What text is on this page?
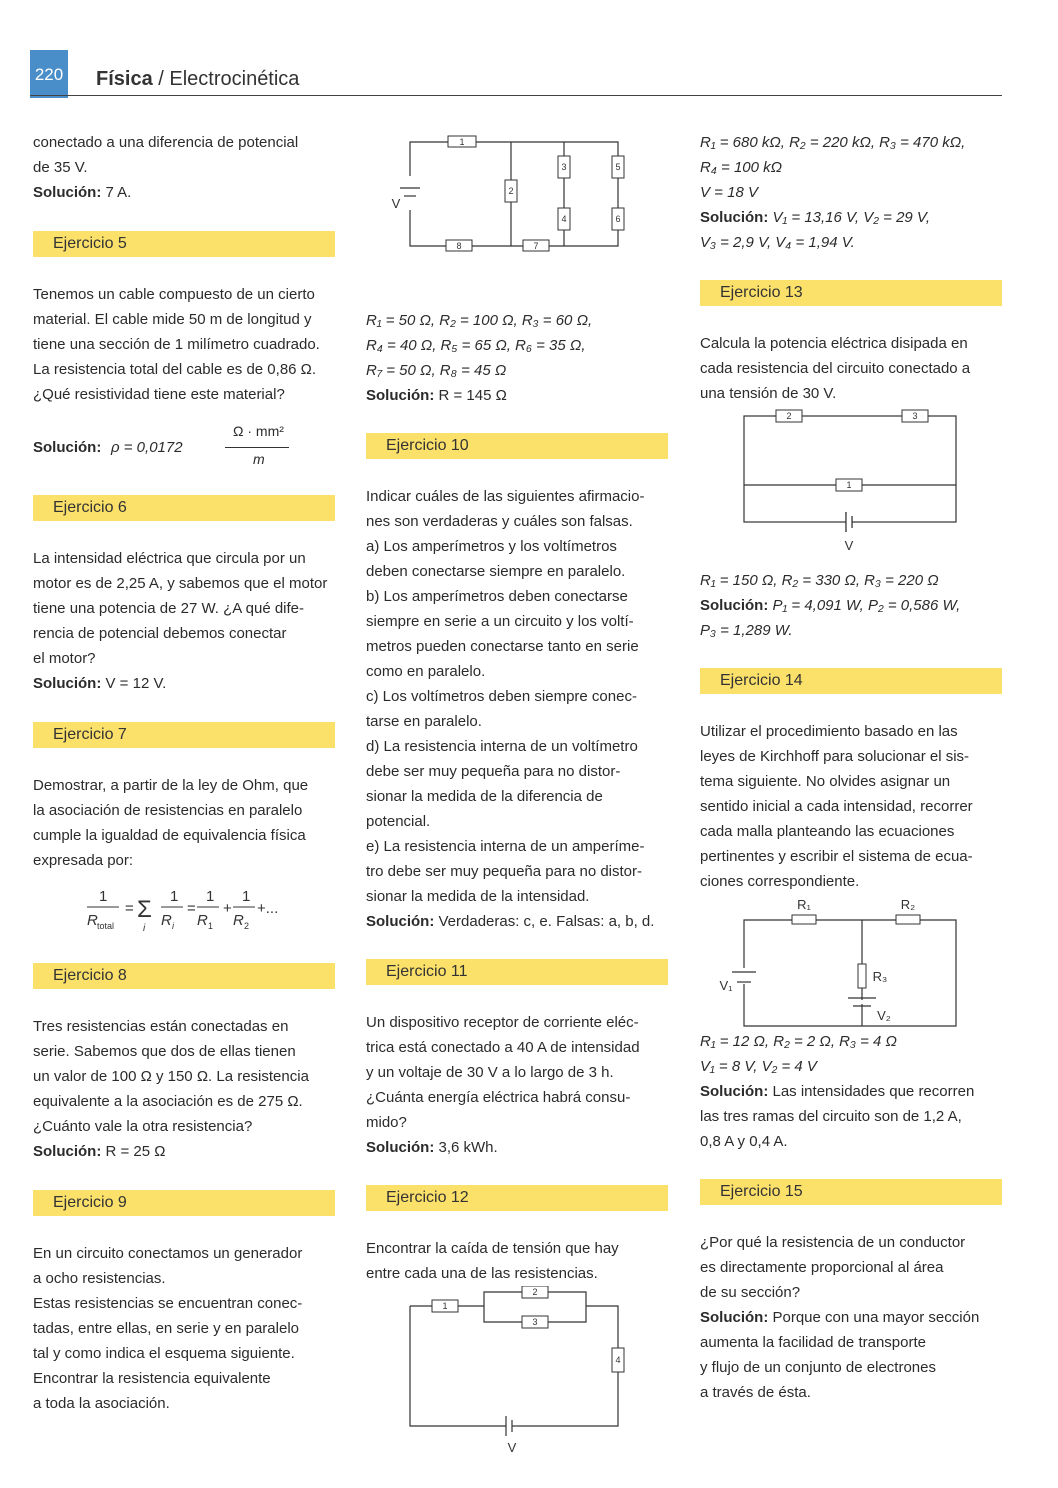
220 Física / Electrocinética

conectado a una diferencia de potencial

de 35 V.

Solución: 7 A.

Ejercicio 5

Tenemos un cable compuesto de un cierto

material. El cable mide 50 m de longitud y

tiene una sección de 1 milímetro cuadrado.

La resistencia total del cable es de 0,86 Ω.

¿Qué resistividad tiene este material?

Solución: ρ = 0,0172
Ω · mm²
m
Ejercicio 6

La intensidad eléctrica que circula por un

motor es de 2,25 A, y sabemos que el motor

tiene una potencia de 27 W. ¿A qué dife-

rencia de potencial debemos conectar

el motor?

Solución: V = 12 V.

Ejercicio 7

Demostrar, a partir de la ley de Ohm, que

la asociación de resistencias en paralelo

cumple la igualdad de equivalencia física

expresada por:

1
R total
= Σ
i
1
R i
=
1
R 1
+
1
R 2
+...
Ejercicio 8

Tres resistencias están conectadas en

serie. Sabemos que dos de ellas tienen

un valor de 100 Ω y 150 Ω. La resistencia

equivalente a la asociación es de 275 Ω.

¿Cuánto vale la otra resistencia?

Solución: R = 25 Ω

Ejercicio 9

En un circuito conectamos un generador

a ocho resistencias.

Estas resistencias se encuentran conec-

tadas, entre ellas, en serie y en paralelo

tal y como indica el esquema siguiente.

Encontrar la resistencia equivalente

a toda la asociación.

1
2
3
4
5
6
7
8
V

R₁ = 50 Ω, R₂ = 100 Ω, R₃ = 60 Ω,

R₄ = 40 Ω, R₅ = 65 Ω, R₆ = 35 Ω,

R₇ = 50 Ω, R₈ = 45 Ω

Solución: R = 145 Ω

Ejercicio 10

Indicar cuáles de las siguientes afirmacio-

nes son verdaderas y cuáles son falsas.

a) Los amperímetros y los voltímetros

deben conectarse siempre en paralelo.

b) Los amperímetros deben conectarse

siempre en serie a un circuito y los voltí-

metros pueden conectarse tanto en serie

como en paralelo.

c) Los voltímetros deben siempre conec-

tarse en paralelo.

d) La resistencia interna de un voltímetro

debe ser muy pequeña para no distor-

sionar la medida de la diferencia de

potencial.

e) La resistencia interna de un amperíme-

tro debe ser muy pequeña para no distor-

sionar la medida de la intensidad.

Solución: Verdaderas: c, e. Falsas: a, b, d.

Ejercicio 11

Un dispositivo receptor de corriente eléc-

trica está conectado a 40 A de intensidad

y un voltaje de 30 V a lo largo de 3 h.

¿Cuánta energía eléctrica habrá consu-

mido?

Solución: 3,6 kWh.

Ejercicio 12

Encontrar la caída de tensión que hay

entre cada una de las resistencias.

1
2
3
4
V

R₁ = 680 kΩ, R₂ = 220 kΩ, R₃ = 470 kΩ,

R₄ = 100 kΩ

V = 18 V

Solución: V₁ = 13,16 V, V₂ = 29 V,

V₃ = 2,9 V, V₄ = 1,94 V.

Ejercicio 13

Calcula la potencia eléctrica disipada en

cada resistencia del circuito conectado a

una tensión de 30 V.

2	3
1
V

R₁ = 150 Ω, R₂ = 330 Ω, R₃ = 220 Ω

Solución: P₁ = 4,091 W, P₂ = 0,586 W,

P₃ = 1,289 W.

Ejercicio 14

Utilizar el procedimiento basado en las

leyes de Kirchhoff para solucionar el sis-

tema siguiente. No olvides asignar un

sentido inicial a cada intensidad, recorrer

cada malla planteando las ecuaciones

pertinentes y escribir el sistema de ecua-

ciones correspondiente.

R₁	R₂
R₃
V₁
V₂

R₁ = 12 Ω, R₂ = 2 Ω, R₃ = 4 Ω

V₁ = 8 V, V₂ = 4 V

Solución: Las intensidades que recorren

las tres ramas del circuito son de 1,2 A,

0,8 A y 0,4 A.

Ejercicio 15

¿Por qué la resistencia de un conductor

es directamente proporcional al área

de su sección?

Solución: Porque con una mayor sección

aumenta la facilidad de transporte

y flujo de un conjunto de electrones

a través de ésta.
